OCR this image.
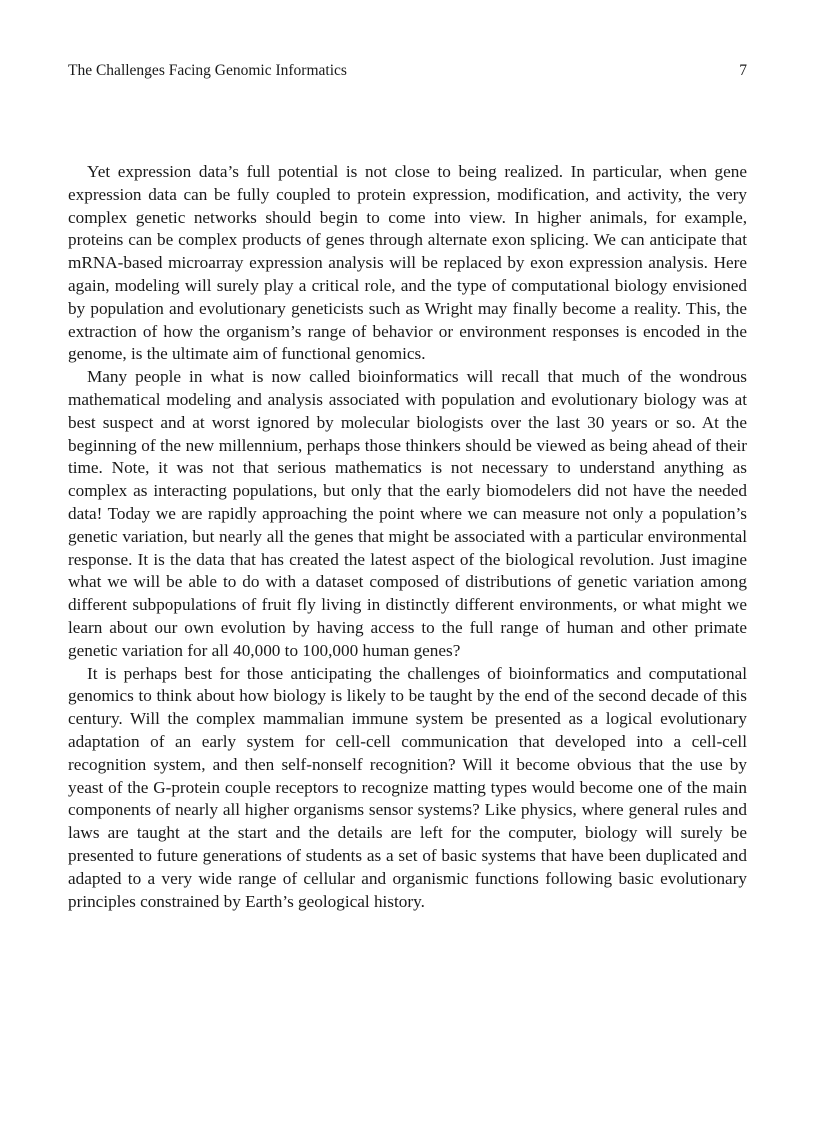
The Challenges Facing Genomic Informatics	7

Yet expression data’s full potential is not close to being realized. In particular, when gene expression data can be fully coupled to protein expression, modification, and activity, the very complex genetic networks should begin to come into view. In higher animals, for example, proteins can be complex products of genes through alternate exon splicing. We can anticipate that mRNA-based microarray expression analysis will be replaced by exon expression analysis. Here again, modeling will surely play a critical role, and the type of computational biology envisioned by population and evolutionary geneticists such as Wright may finally become a reality. This, the extraction of how the organism’s range of behavior or environment responses is encoded in the genome, is the ultimate aim of functional genomics.

Many people in what is now called bioinformatics will recall that much of the wondrous mathematical modeling and analysis associated with population and evolutionary biology was at best suspect and at worst ignored by molecular biologists over the last 30 years or so. At the beginning of the new millennium, perhaps those thinkers should be viewed as being ahead of their time. Note, it was not that serious mathematics is not necessary to understand anything as complex as interacting populations, but only that the early biomodelers did not have the needed data! Today we are rapidly approaching the point where we can measure not only a population’s genetic variation, but nearly all the genes that might be associated with a particular environmental response. It is the data that has created the latest aspect of the biological revolution. Just imagine what we will be able to do with a dataset composed of distributions of genetic variation among different subpopulations of fruit fly living in distinctly different environments, or what might we learn about our own evolution by having access to the full range of human and other primate genetic variation for all 40,000 to 100,000 human genes?

It is perhaps best for those anticipating the challenges of bioinformatics and computational genomics to think about how biology is likely to be taught by the end of the second decade of this century. Will the complex mammalian immune system be presented as a logical evolutionary adaptation of an early system for cell-cell communication that developed into a cell-cell recognition system, and then self-nonself recognition? Will it become obvious that the use by yeast of the G-protein couple receptors to recognize matting types would become one of the main components of nearly all higher organisms sensor systems? Like physics, where general rules and laws are taught at the start and the details are left for the computer, biology will surely be presented to future generations of students as a set of basic systems that have been duplicated and adapted to a very wide range of cellular and organismic functions following basic evolutionary principles constrained by Earth’s geological history.
